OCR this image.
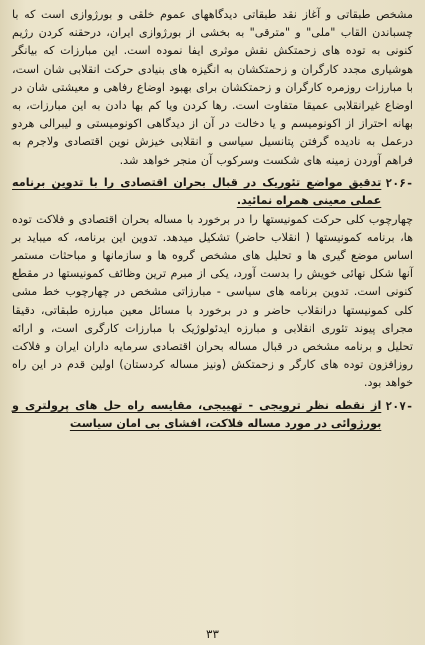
مشخص طبقاتی و آغاز نقد طبقاتی دیدگاههای عموم خلقی و بورژوازی است که با چسباندن القاب "ملی" و "مترقی" به بخشی از بورژوازی ایران، درحقنه کردن رژیم کنونی به توده های زحمتکش نقش موثری ایفا نموده است. این مبارزات که بیانگر هوشیاری مجدد کارگران و زحمتکشان به انگیزه های بنیادی حرکت انقلابی شان است، با مبارزات روزمره کارگران و زحمتکشان برای بهبود اوضاع رفاهی و معیشتی شان در اوضاع غیرانقلابی عمیقا متفاوت است. رها کردن ویا کم بها دادن به این مبارزات، به بهانه احتراز از اکونومیسم و یا دخالت در آن از دیدگاهی اکونومیستی و لیبرالی هردو درعمل به نادیده گرفتن پتانسیل سیاسی و انقلابی خیزش نوین اقتصادی ولاجرم به فراهم آوردن زمینه های شکست وسرکوب آن منجر خواهد شد.

۲۰۶-
تدقیق مواضع تئوریک در قبال بحران اقتصادی را با تدوین برنامه عملی معینی همراه نمائید.

چهارچوب کلی حرکت کمونیستها را در برخورد با مساله بحران اقتصادی و فلاکت توده ها، برنامه کمونیستها ( انقلاب حاضر) تشکیل میدهد. تدوین این برنامه، که میباید بر اساس موضع گیری ها و تحلیل های مشخص گروه ها و سازمانها و مباحثات مستمر آنها شکل نهائی خویش را بدست آورد، یکی از مبرم ترین وظائف کمونیستها در مقطع کنونی است. تدوین برنامه های سیاسی - مبارزاتی مشخص در چهارچوب خط مشی کلی کمونیستها درانقلاب حاضر و در برخورد با مسائل معین مبارزه طبقاتی، دقیقا مجرای پیوند تئوری انقلابی و مبارزه ایدئولوژیک با مبارزات کارگری است، و ارائه تحلیل و برنامه مشخص در قبال مساله بحران اقتصادی سرمایه داران ایران و فلاکت روزافزون توده های کارگر و زحمتکش (ونیز مساله کردستان) اولین قدم در این راه خواهد بود.

۲۰۷-
از نقطه نظر ترویجی - تهییجی، مقایسه راه حل های پرولتری و بورژوائی در مورد مساله فلاکت، افشای بی امان سیاست
۳۳
